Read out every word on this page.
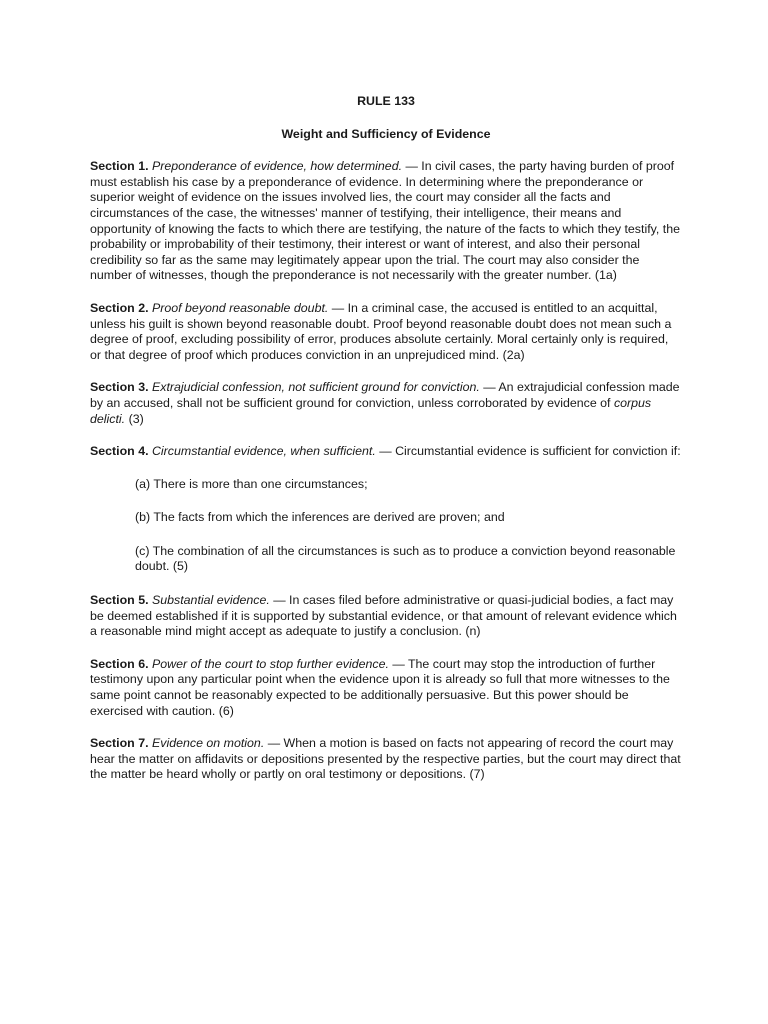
RULE 133
Weight and Sufficiency of Evidence

Section 1. Preponderance of evidence, how determined. — In civil cases, the party having burden of proof must establish his case by a preponderance of evidence. In determining where the preponderance or superior weight of evidence on the issues involved lies, the court may consider all the facts and circumstances of the case, the witnesses' manner of testifying, their intelligence, their means and opportunity of knowing the facts to which there are testifying, the nature of the facts to which they testify, the probability or improbability of their testimony, their interest or want of interest, and also their personal credibility so far as the same may legitimately appear upon the trial. The court may also consider the number of witnesses, though the preponderance is not necessarily with the greater number. (1a)

Section 2. Proof beyond reasonable doubt. — In a criminal case, the accused is entitled to an acquittal, unless his guilt is shown beyond reasonable doubt. Proof beyond reasonable doubt does not mean such a degree of proof, excluding possibility of error, produces absolute certainly. Moral certainly only is required, or that degree of proof which produces conviction in an unprejudiced mind. (2a)

Section 3. Extrajudicial confession, not sufficient ground for conviction. — An extrajudicial confession made by an accused, shall not be sufficient ground for conviction, unless corroborated by evidence of corpus delicti. (3)

Section 4. Circumstantial evidence, when sufficient. — Circumstantial evidence is sufficient for conviction if:

(a) There is more than one circumstances;
(b) The facts from which the inferences are derived are proven; and
(c) The combination of all the circumstances is such as to produce a conviction beyond reasonable doubt. (5)

Section 5. Substantial evidence. — In cases filed before administrative or quasi-judicial bodies, a fact may be deemed established if it is supported by substantial evidence, or that amount of relevant evidence which a reasonable mind might accept as adequate to justify a conclusion. (n)

Section 6. Power of the court to stop further evidence. — The court may stop the introduction of further testimony upon any particular point when the evidence upon it is already so full that more witnesses to the same point cannot be reasonably expected to be additionally persuasive. But this power should be exercised with caution. (6)

Section 7. Evidence on motion. — When a motion is based on facts not appearing of record the court may hear the matter on affidavits or depositions presented by the respective parties, but the court may direct that the matter be heard wholly or partly on oral testimony or depositions. (7)
